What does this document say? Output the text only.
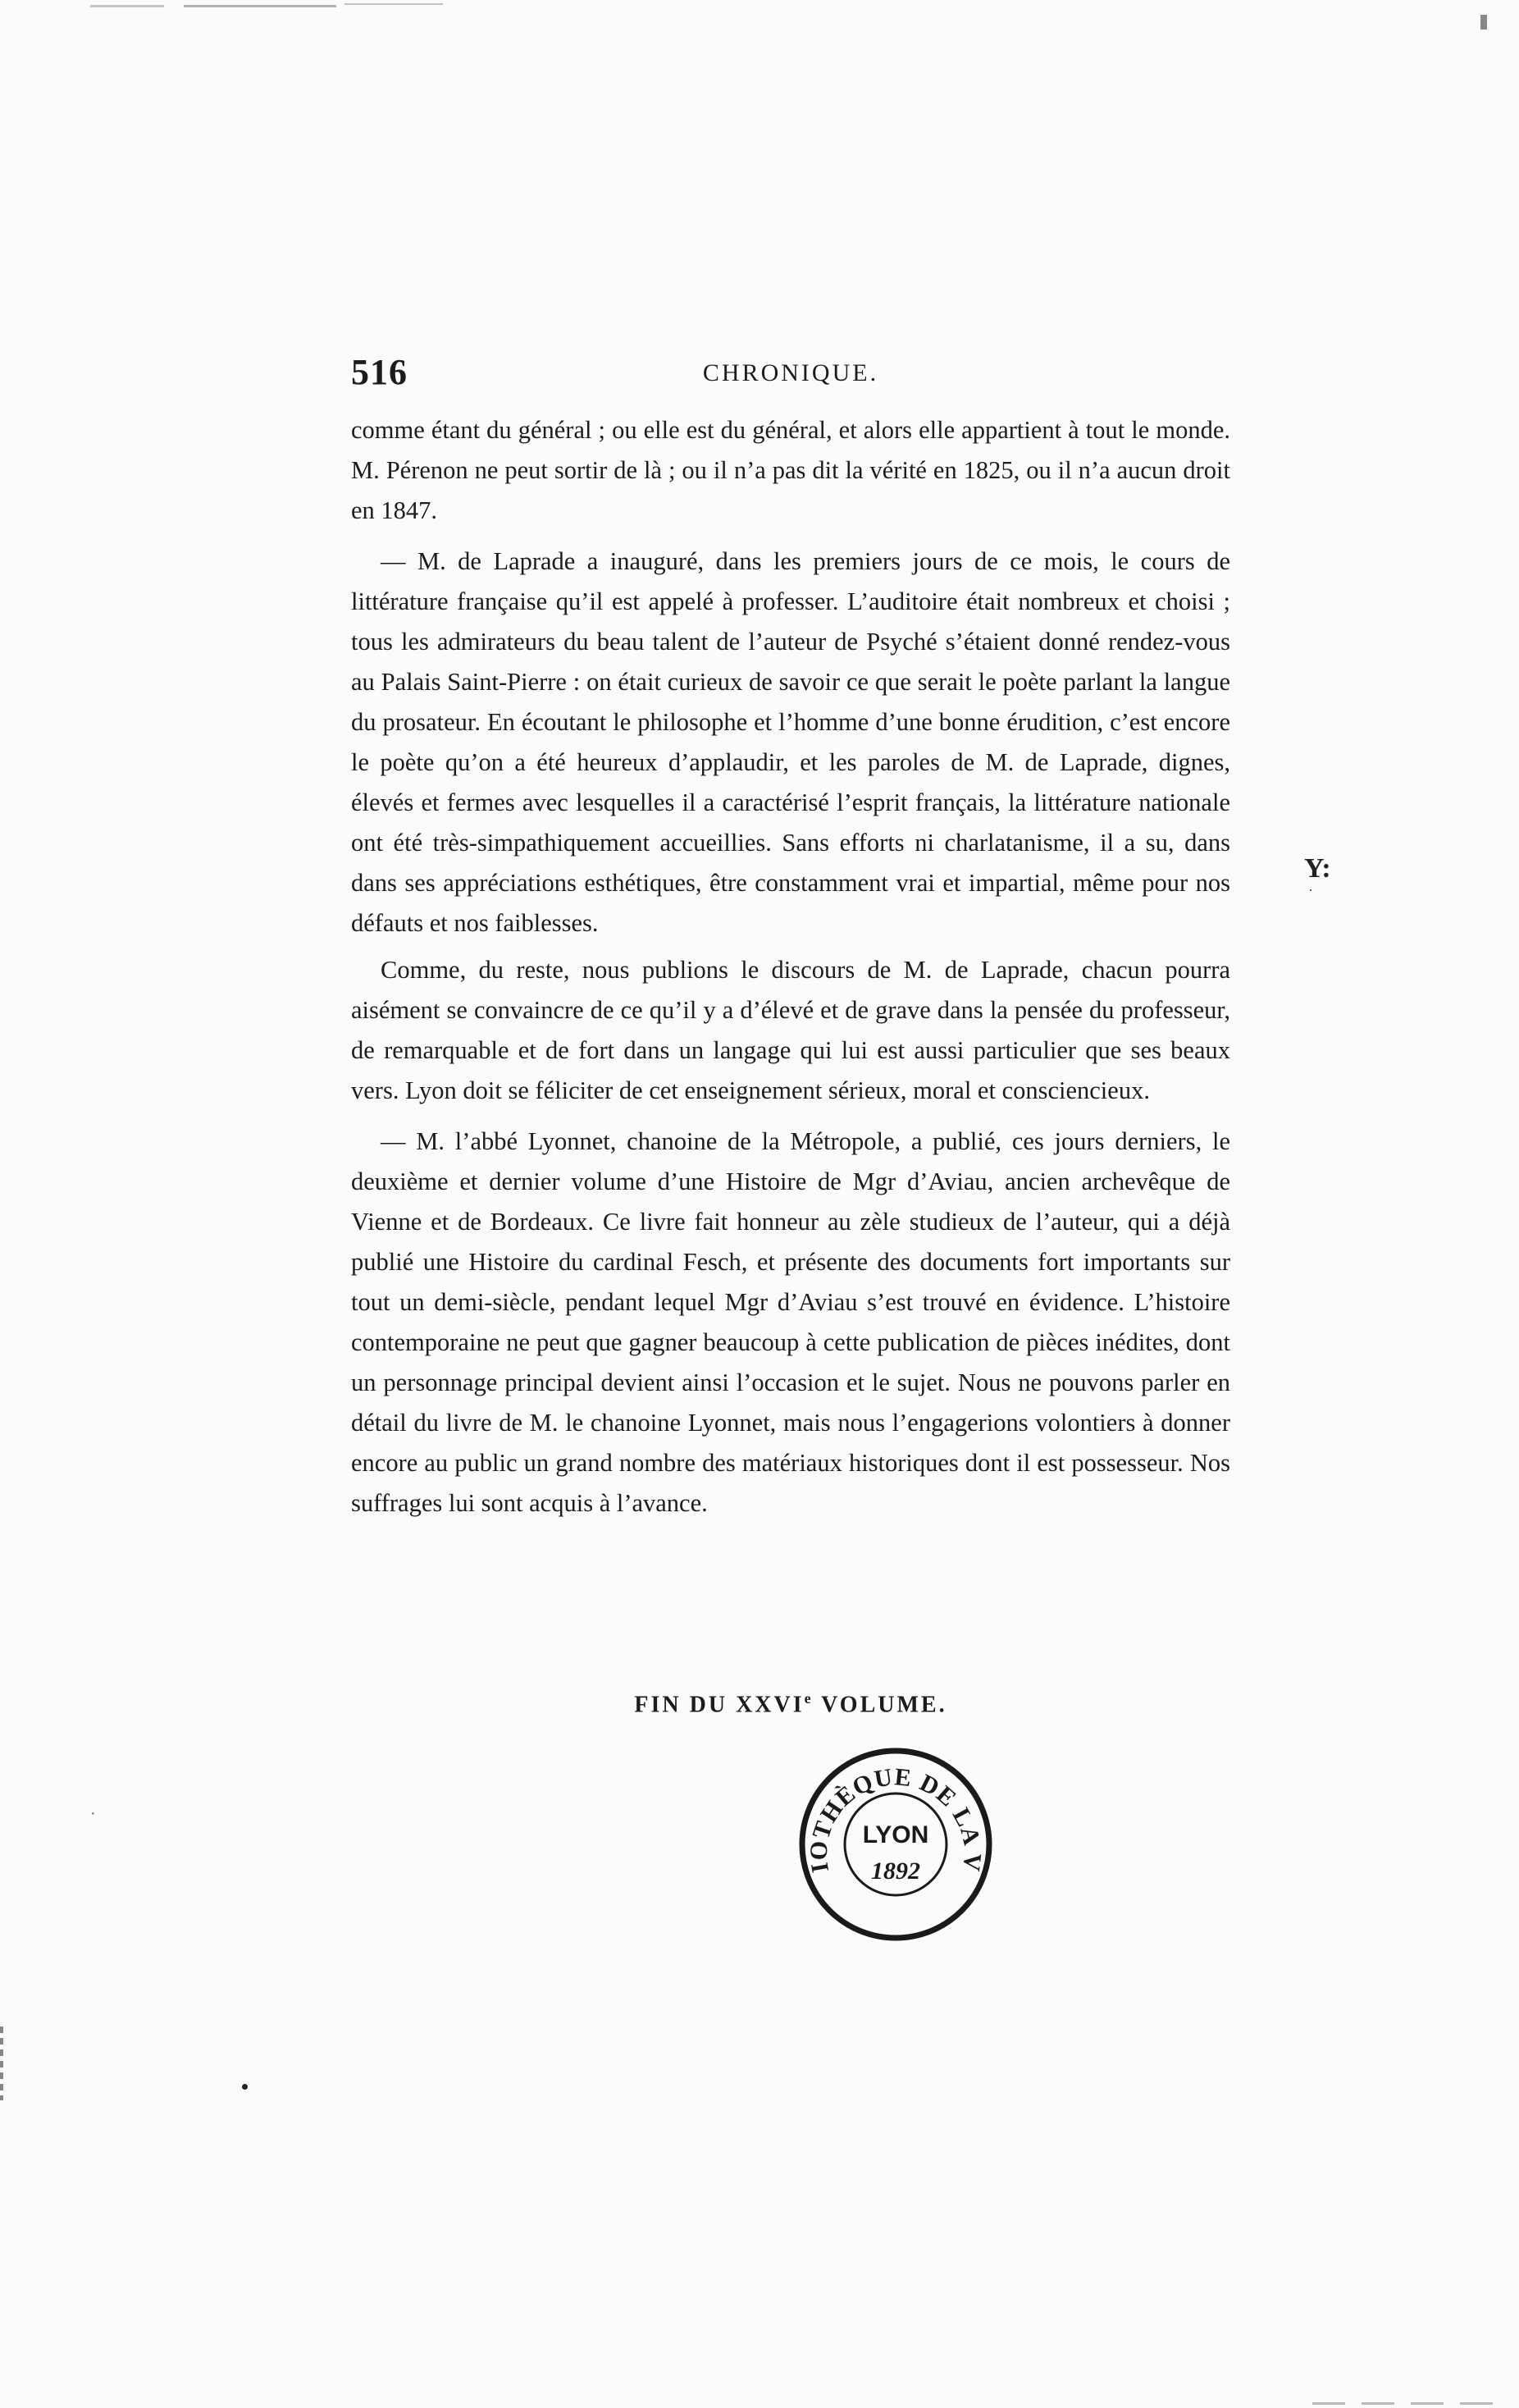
Y:
·
·
516	CHRONIQUE.

comme étant du général ; ou elle est du général, et alors elle appartient à tout le monde. M. Pérenon ne peut sortir de là ; ou il n’a pas dit la vérité en 1825, ou il n’a aucun droit en 1847.

— M. de Laprade a inauguré, dans les premiers jours de ce mois, le cours de littérature française qu’il est appelé à professer. L’auditoire était nombreux et choisi ; tous les admirateurs du beau talent de l’auteur de Psyché s’étaient donné rendez-vous au Palais Saint-Pierre : on était curieux de savoir ce que serait le poète parlant la langue du prosateur. En écoutant le philosophe et l’homme d’une bonne érudition, c’est encore le poète qu’on a été heureux d’applaudir, et les paroles de M. de Laprade, dignes, élevés et fermes avec lesquelles il a caractérisé l’esprit français, la littérature nationale ont été très-simpathiquement accueillies. Sans efforts ni charlatanisme, il a su, dans dans ses appréciations esthétiques, être constamment vrai et impartial, même pour nos défauts et nos faiblesses.

Comme, du reste, nous publions le discours de M. de Laprade, chacun pourra aisément se convaincre de ce qu’il y a d’élevé et de grave dans la pensée du professeur, de remarquable et de fort dans un langage qui lui est aussi particulier que ses beaux vers. Lyon doit se féliciter de cet enseignement sérieux, moral et consciencieux.

— M. l’abbé Lyonnet, chanoine de la Métropole, a publié, ces jours derniers, le deuxième et dernier volume d’une Histoire de Mgr d’Aviau, ancien archevêque de Vienne et de Bordeaux. Ce livre fait honneur au zèle studieux de l’auteur, qui a déjà publié une Histoire du cardinal Fesch, et présente des documents fort importants sur tout un demi-siècle, pendant lequel Mgr d’Aviau s’est trouvé en évidence. L’histoire contemporaine ne peut que gagner beaucoup à cette publication de pièces inédites, dont un personnage principal devient ainsi l’occasion et le sujet. Nous ne pouvons parler en détail du livre de M. le chanoine Lyonnet, mais nous l’engagerions volontiers à donner encore au public un grand nombre des matériaux historiques dont il est possesseur. Nos suffrages lui sont acquis à l’avance.

FIN DU XXVIe VOLUME.
IOTHÈQUE DE LA V
LYON
1892
